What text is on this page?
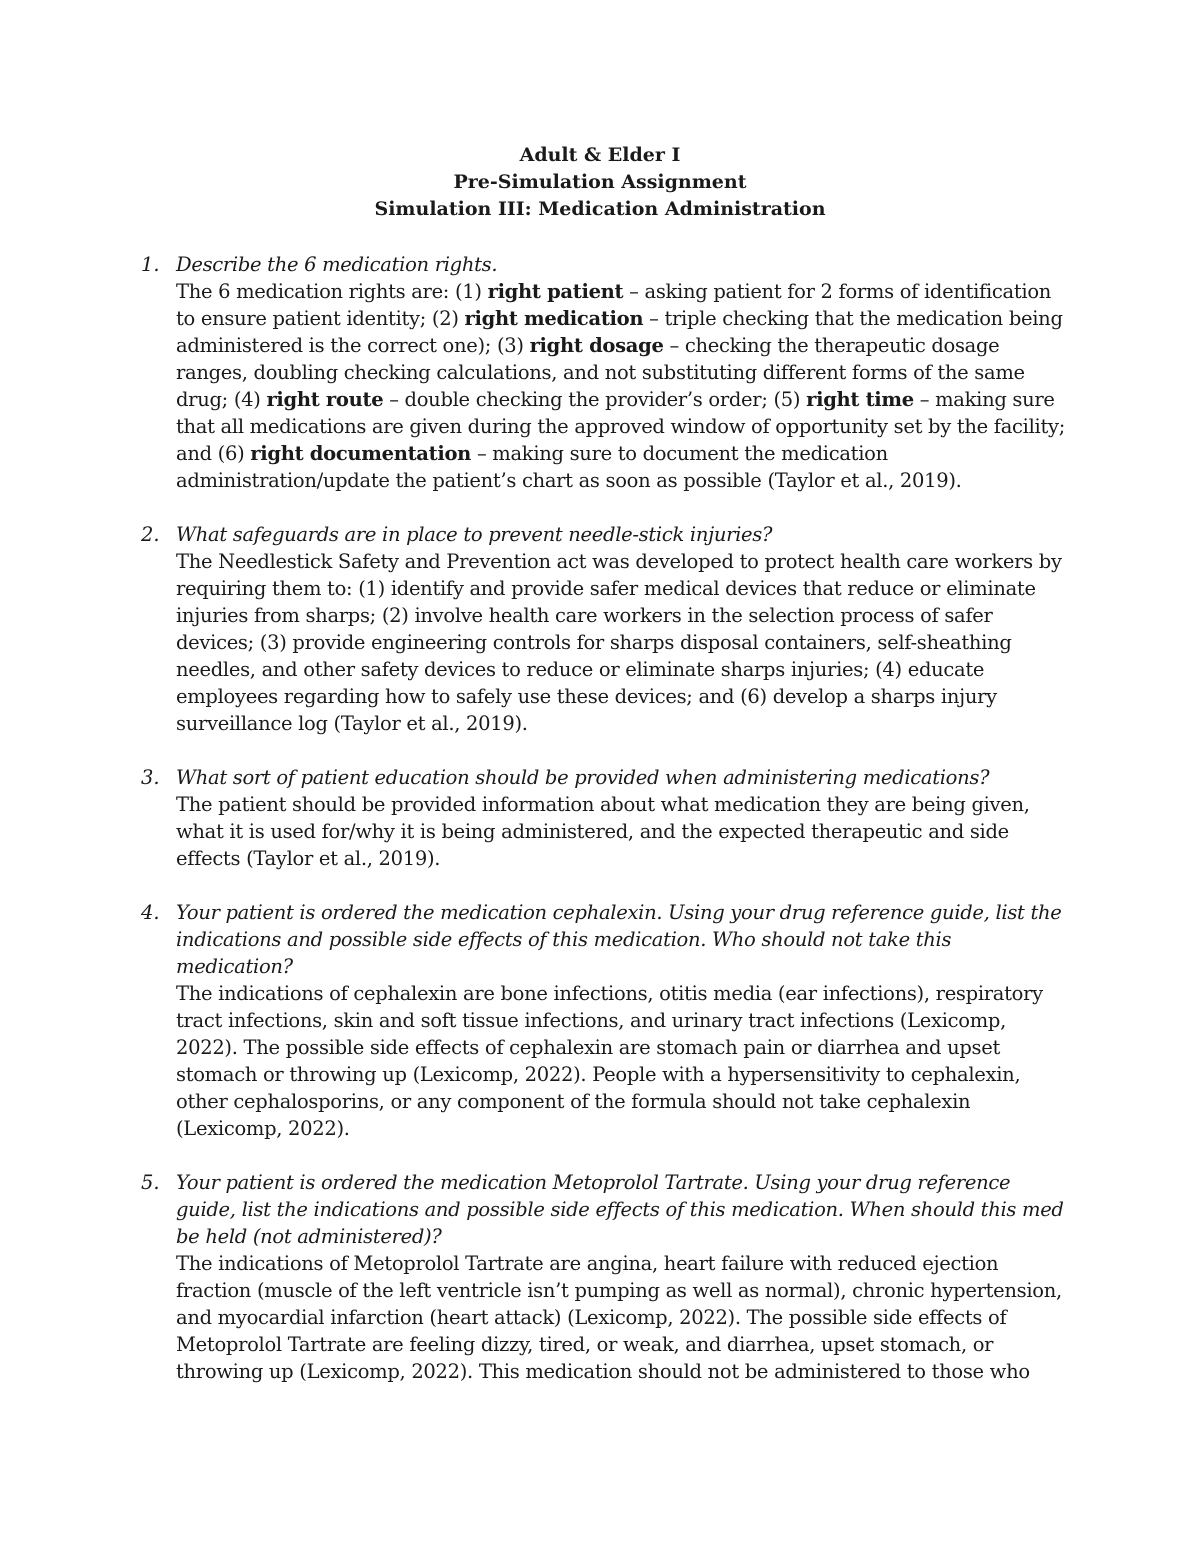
Adult & Elder I
Pre-Simulation Assignment
Simulation III: Medication Administration
1. Describe the 6 medication rights.
The 6 medication rights are: (1) right patient – asking patient for 2 forms of identification to ensure patient identity; (2) right medication – triple checking that the medication being administered is the correct one); (3) right dosage – checking the therapeutic dosage ranges, doubling checking calculations, and not substituting different forms of the same drug; (4) right route – double checking the provider’s order; (5) right time – making sure that all medications are given during the approved window of opportunity set by the facility; and (6) right documentation – making sure to document the medication administration/update the patient’s chart as soon as possible (Taylor et al., 2019).
2. What safeguards are in place to prevent needle-stick injuries?
The Needlestick Safety and Prevention act was developed to protect health care workers by requiring them to: (1) identify and provide safer medical devices that reduce or eliminate injuries from sharps; (2) involve health care workers in the selection process of safer devices; (3) provide engineering controls for sharps disposal containers, self-sheathing needles, and other safety devices to reduce or eliminate sharps injuries; (4) educate employees regarding how to safely use these devices; and (6) develop a sharps injury surveillance log (Taylor et al., 2019).
3. What sort of patient education should be provided when administering medications?
The patient should be provided information about what medication they are being given, what it is used for/why it is being administered, and the expected therapeutic and side effects (Taylor et al., 2019).
4. Your patient is ordered the medication cephalexin. Using your drug reference guide, list the indications and possible side effects of this medication. Who should not take this medication?
The indications of cephalexin are bone infections, otitis media (ear infections), respiratory tract infections, skin and soft tissue infections, and urinary tract infections (Lexicomp, 2022). The possible side effects of cephalexin are stomach pain or diarrhea and upset stomach or throwing up (Lexicomp, 2022). People with a hypersensitivity to cephalexin, other cephalosporins, or any component of the formula should not take cephalexin (Lexicomp, 2022).
5. Your patient is ordered the medication Metoprolol Tartrate. Using your drug reference guide, list the indications and possible side effects of this medication. When should this med be held (not administered)?
The indications of Metoprolol Tartrate are angina, heart failure with reduced ejection fraction (muscle of the left ventricle isn’t pumping as well as normal), chronic hypertension, and myocardial infarction (heart attack) (Lexicomp, 2022). The possible side effects of Metoprolol Tartrate are feeling dizzy, tired, or weak, and diarrhea, upset stomach, or throwing up (Lexicomp, 2022). This medication should not be administered to those who
